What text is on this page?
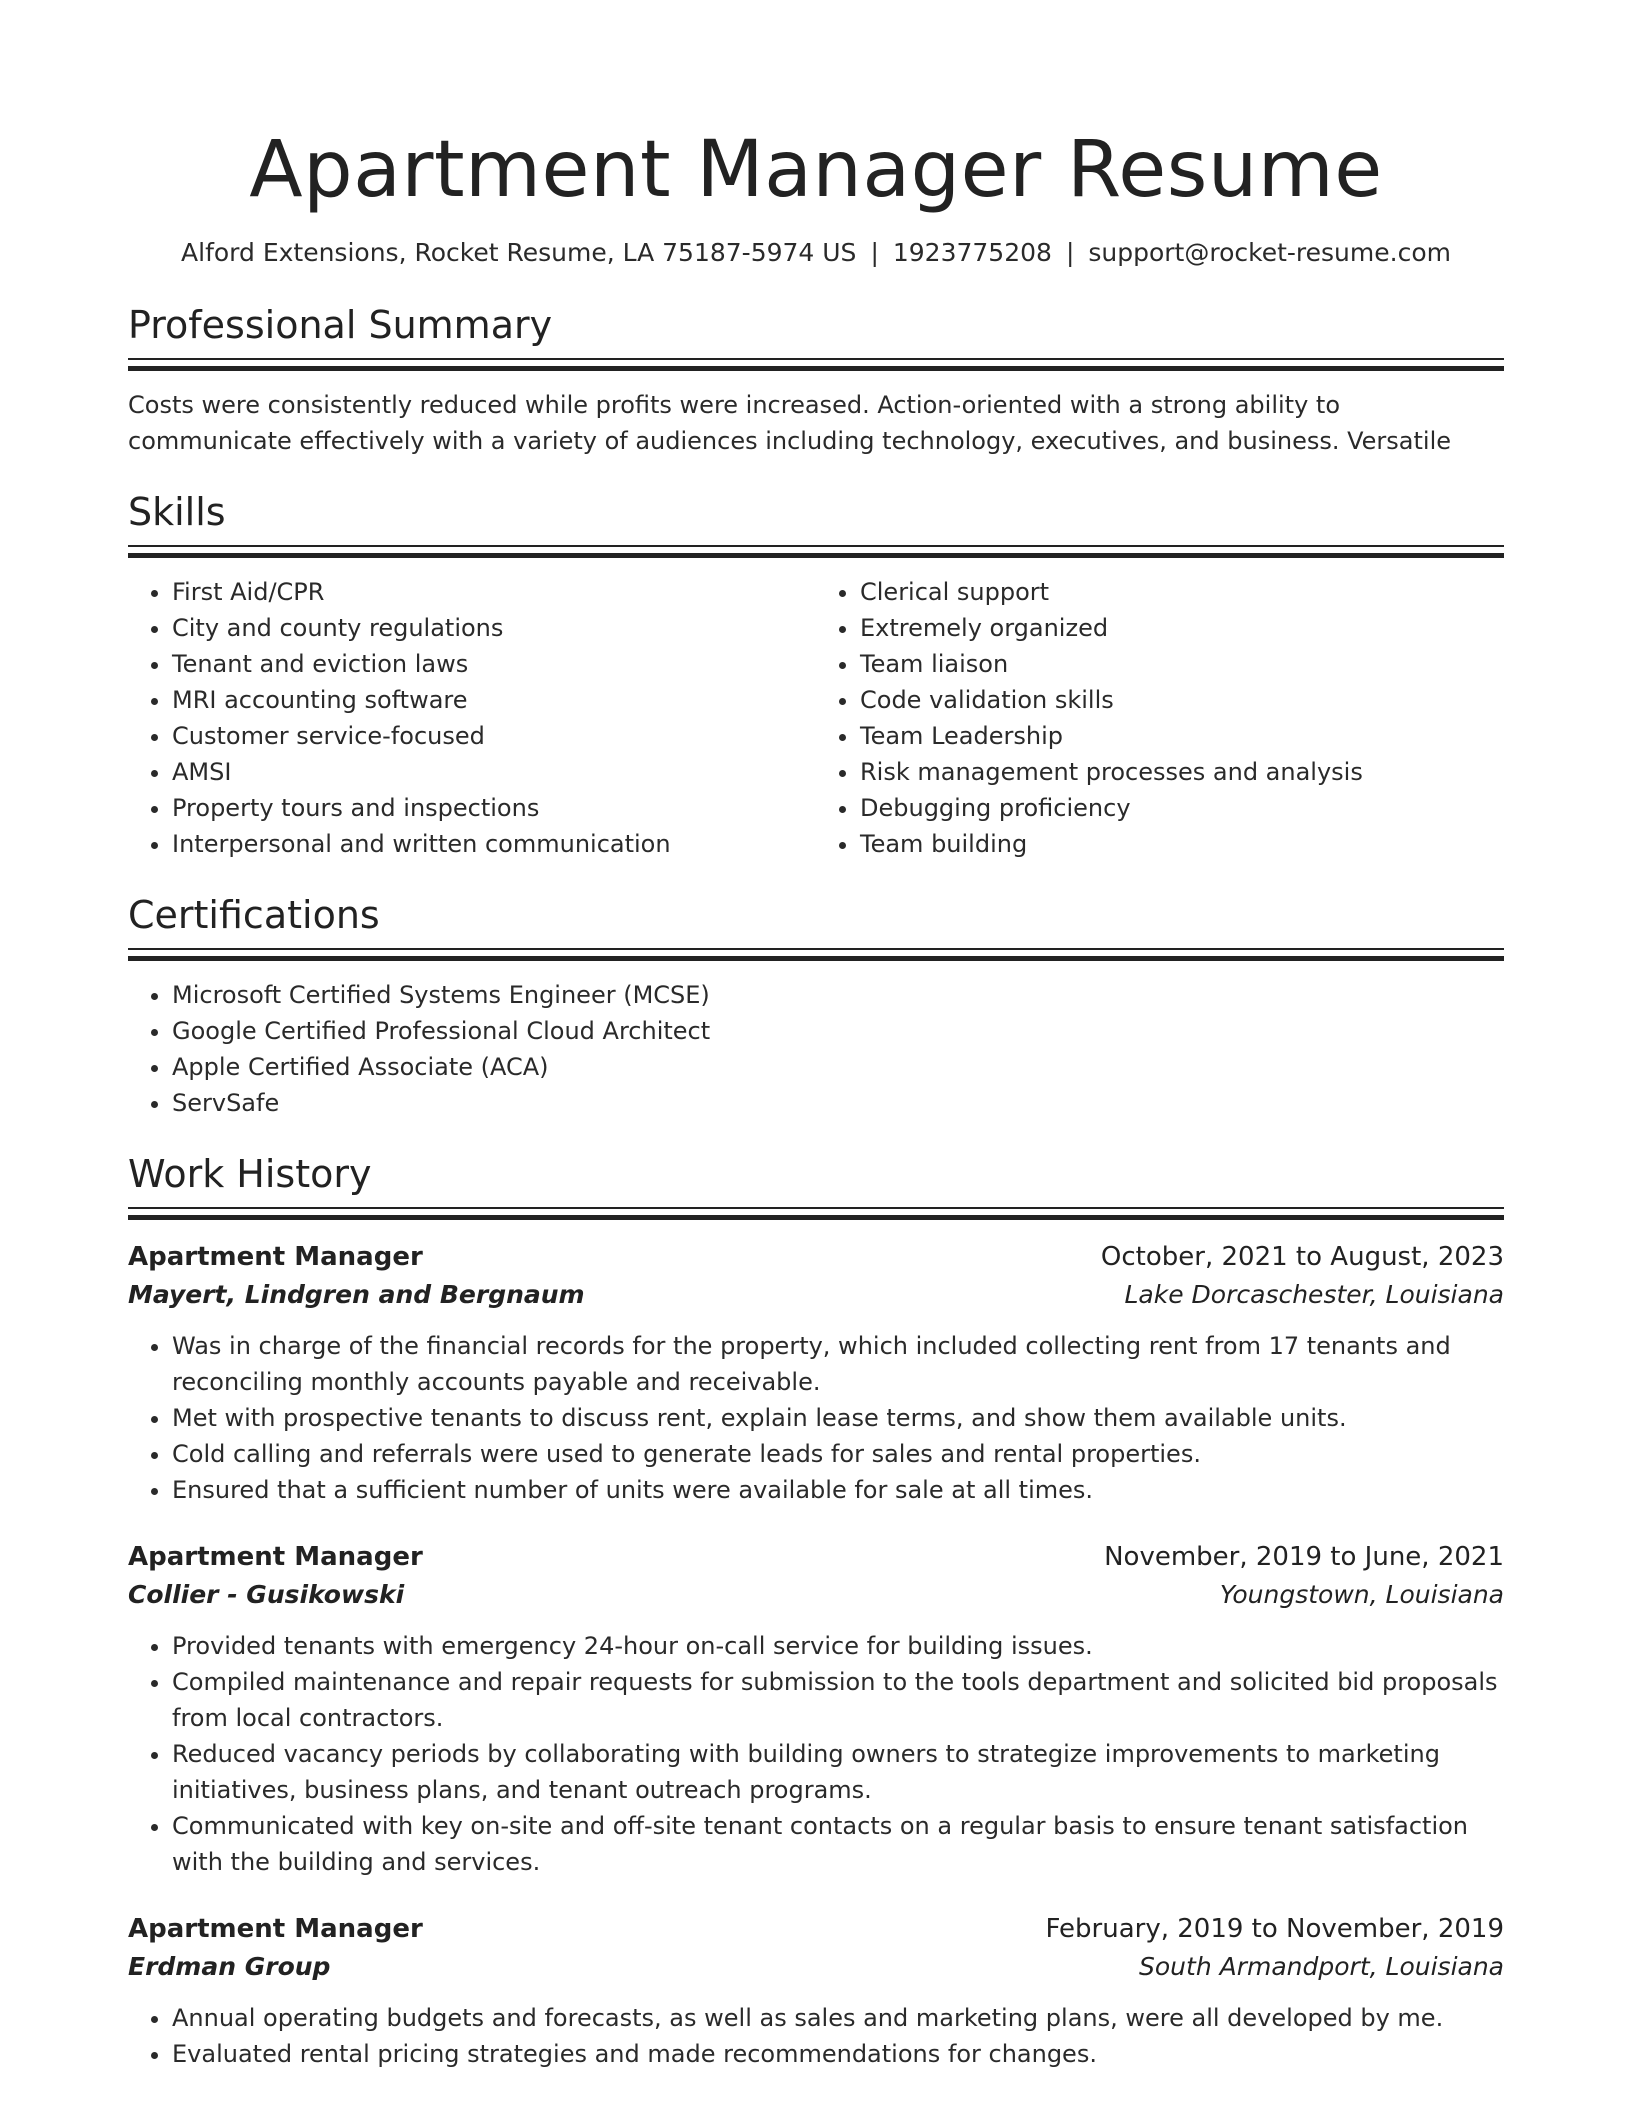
Apartment Manager Resume
Alford Extensions, Rocket Resume, LA 75187-5974 US | 1923775208 | support@rocket-resume.com
Professional Summary

Costs were consistently reduced while profits were increased. Action-oriented with a strong ability to communicate effectively with a variety of audiences including technology, executives, and business. Versatile

Skills
• First Aid/CPR
• City and county regulations
• Tenant and eviction laws
• MRI accounting software
• Customer service-focused
• AMSI
• Property tours and inspections
• Interpersonal and written communication
• Clerical support
• Extremely organized
• Team liaison
• Code validation skills
• Team Leadership
• Risk management processes and analysis
• Debugging proficiency
• Team building
Certifications
• Microsoft Certified Systems Engineer (MCSE)
• Google Certified Professional Cloud Architect
• Apple Certified Associate (ACA)
• ServSafe
Work History
Apartment Manager	October, 2021 to August, 2023
Mayert, Lindgren and Bergnaum	Lake Dorcaschester, Louisiana
• Was in charge of the financial records for the property, which included collecting rent from 17 tenants and reconciling monthly accounts payable and receivable.
• Met with prospective tenants to discuss rent, explain lease terms, and show them available units.
• Cold calling and referrals were used to generate leads for sales and rental properties.
• Ensured that a sufficient number of units were available for sale at all times.
Apartment Manager	November, 2019 to June, 2021
Collier - Gusikowski	Youngstown, Louisiana
• Provided tenants with emergency 24-hour on-call service for building issues.
• Compiled maintenance and repair requests for submission to the tools department and solicited bid proposals from local contractors.
• Reduced vacancy periods by collaborating with building owners to strategize improvements to marketing initiatives, business plans, and tenant outreach programs.
• Communicated with key on-site and off-site tenant contacts on a regular basis to ensure tenant satisfaction with the building and services.
Apartment Manager	February, 2019 to November, 2019
Erdman Group	South Armandport, Louisiana
• Annual operating budgets and forecasts, as well as sales and marketing plans, were all developed by me.
• Evaluated rental pricing strategies and made recommendations for changes.
